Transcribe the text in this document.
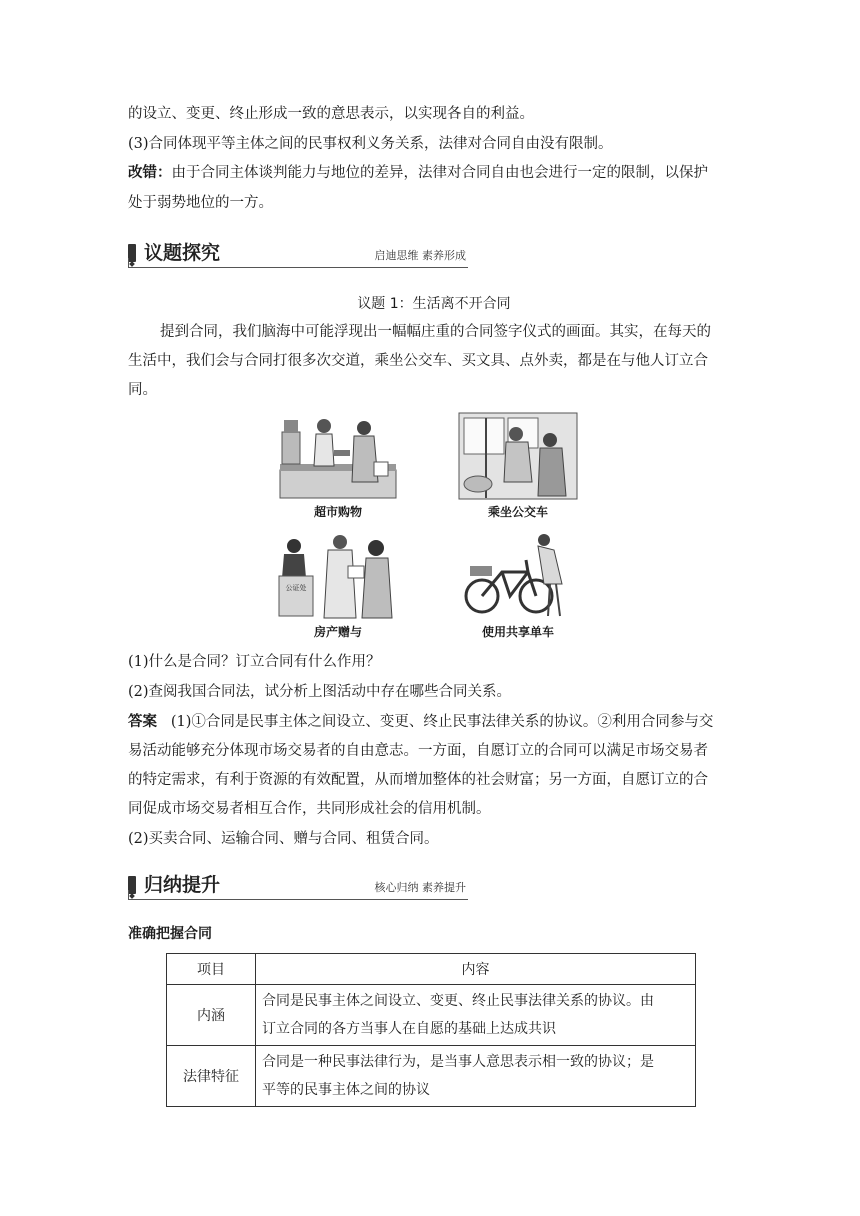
的设立、变更、终止形成一致的意思表示，以实现各自的利益。
(3)合同体现平等主体之间的民事权利义务关系，法律对合同自由没有限制。
改错：由于合同主体谈判能力与地位的差异，法律对合同自由也会进行一定的限制，以保护
处于弱势地位的一方。
议题探究	启迪思维 素养形成
议题 1：生活离不开合同
提到合同，我们脑海中可能浮现出一幅幅庄重的合同签字仪式的画面。其实，在每天的
生活中，我们会与合同打很多次交道，乘坐公交车、买文具、点外卖，都是在与他人订立合
同。
超市购物	乘坐公交车
公证处
房产赠与	使用共享单车
(1)什么是合同？订立合同有什么作用？
(2)查阅我国合同法，试分析上图活动中存在哪些合同关系。
答案 (1)①合同是民事主体之间设立、变更、终止民事法律关系的协议。②利用合同参与交
易活动能够充分体现市场交易者的自由意志。一方面，自愿订立的合同可以满足市场交易者
的特定需求，有利于资源的有效配置，从而增加整体的社会财富；另一方面，自愿订立的合
同促成市场交易者相互合作，共同形成社会的信用机制。
(2)买卖合同、运输合同、赠与合同、租赁合同。
归纳提升	核心归纳 素养提升
准确把握合同
项目	内容
内涵	合同是民事主体之间设立、变更、终止民事法律关系的协议。由
订立合同的各方当事人在自愿的基础上达成共识

法律特征	合同是一种民事法律行为，是当事人意思表示相一致的协议；是
平等的民事主体之间的协议
